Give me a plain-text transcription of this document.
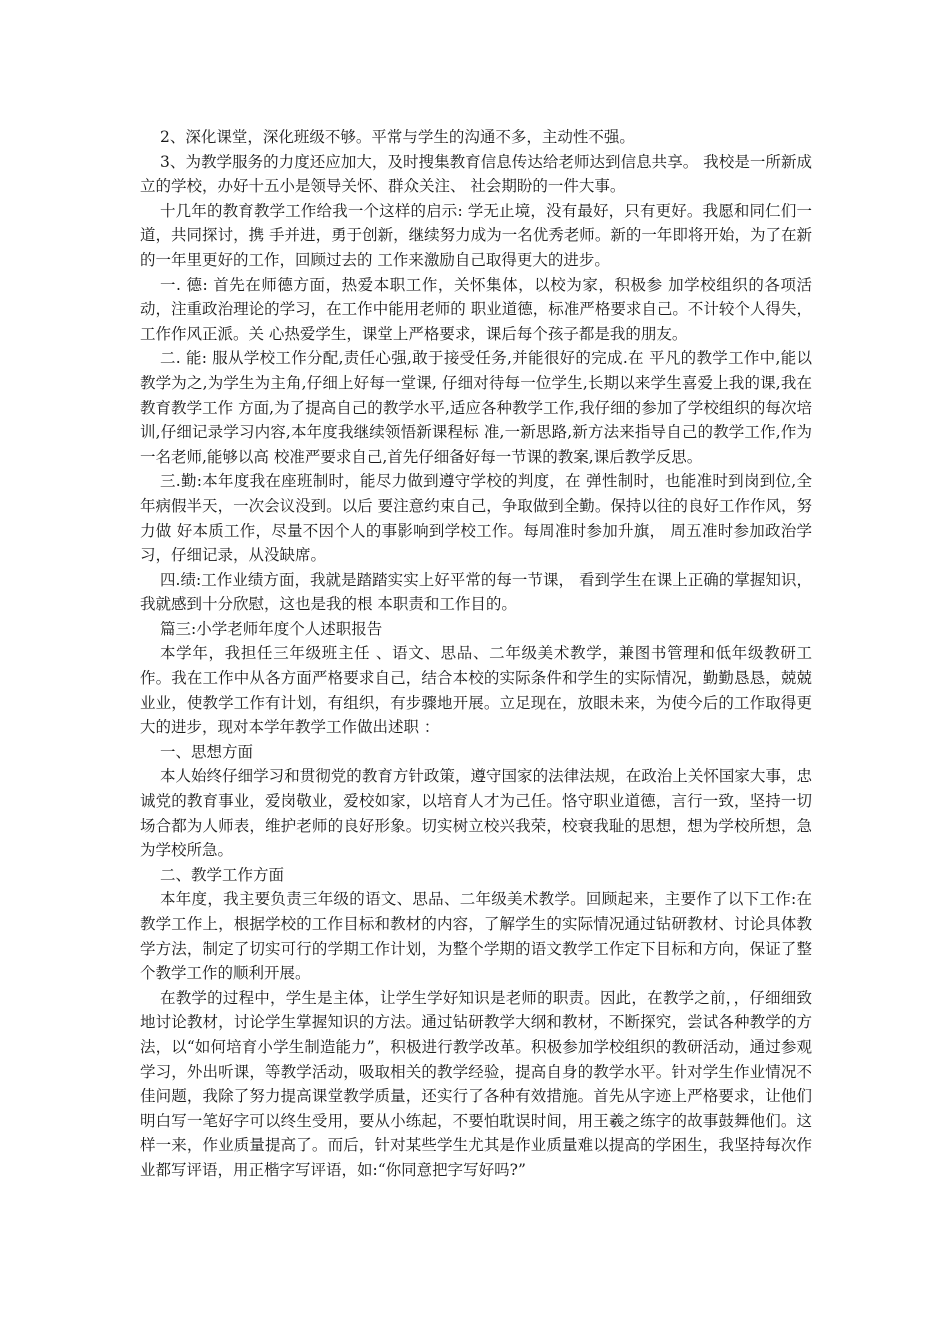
2、深化课堂，深化班级不够。平常与学生的沟通不多，主动性不强。

3、为教学服务的力度还应加大，及时搜集教育信息传达给老师达到信息共享。 我校是一所新成立的学校，办好十五小是领导关怀、群众关注、 社会期盼的一件大事。

十几年的教育教学工作给我一个这样的启示: 学无止境，没有最好，只有更好。我愿和同仁们一道，共同探讨，携 手并进，勇于创新，继续努力成为一名优秀老师。新的一年即将开始，为了在新的一年里更好的工作，回顾过去的 工作来激励自己取得更大的进步。

一. 德: 首先在师德方面，热爱本职工作，关怀集体，以校为家，积极参 加学校组织的各项活动，注重政治理论的学习，在工作中能用老师的 职业道德，标准严格要求自己。不计较个人得失，工作作风正派。关 心热爱学生，课堂上严格要求，课后每个孩子都是我的朋友。

二. 能: 服从学校工作分配,责任心强,敢于接受任务,并能很好的完成.在 平凡的教学工作中,能以教学为之,为学生为主角,仔细上好每一堂课, 仔细对待每一位学生,长期以来学生喜爱上我的课,我在教育教学工作 方面,为了提高自己的教学水平,适应各种教学工作,我仔细的参加了学校组织的每次培训,仔细记录学习内容,本年度我继续领悟新课程标 准,一新思路,新方法来指导自己的教学工作,作为一名老师,能够以高 校准严要求自己,首先仔细备好每一节课的教案,课后教学反思。

三.勤:本年度我在座班制时，能尽力做到遵守学校的判度，在 弹性制时，也能准时到岗到位,全年病假半天，一次会议没到。以后 要注意约束自己，争取做到全勤。保持以往的良好工作作风，努力做 好本质工作，尽量不因个人的事影响到学校工作。每周准时参加升旗， 周五准时参加政治学习，仔细记录，从没缺席。

四.绩:工作业绩方面，我就是踏踏实实上好平常的每一节课， 看到学生在课上正确的掌握知识，我就感到十分欣慰，这也是我的根 本职责和工作目的。

篇三:小学老师年度个人述职报告

本学年，我担任三年级班主任 、语文、思品、二年级美术教学，兼图书管理和低年级教研工作。我在工作中从各方面严格要求自己，结合本校的实际条件和学生的实际情况，勤勤恳恳，兢兢业业，使教学工作有计划，有组织，有步骤地开展。立足现在，放眼未来，为使今后的工作取得更大的进步，现对本学年教学工作做出述职 ：

一、思想方面

本人始终仔细学习和贯彻党的教育方针政策，遵守国家的法律法规，在政治上关怀国家大事，忠诚党的教育事业，爱岗敬业，爱校如家，以培育人才为己任。恪守职业道德，言行一致，坚持一切场合都为人师表，维护老师的良好形象。切实树立校兴我荣，校衰我耻的思想，想为学校所想，急为学校所急。

二、教学工作方面

本年度，我主要负责三年级的语文、思品、二年级美术教学。回顾起来，主要作了以下工作:在教学工作上，根据学校的工作目标和教材的内容，了解学生的实际情况通过钻研教材、讨论具体教学方法，制定了切实可行的学期工作计划，为整个学期的语文教学工作定下目标和方向，保证了整个教学工作的顺利开展。

在教学的过程中，学生是主体，让学生学好知识是老师的职责。因此，在教学之前，，仔细细致地讨论教材，讨论学生掌握知识的方法。通过钻研教学大纲和教材，不断探究，尝试各种教学的方法，以“如何培育小学生制造能力”，积极进行教学改革。积极参加学校组织的教研活动，通过参观学习，外出听课，等教学活动，吸取相关的教学经验，提高自身的教学水平。针对学生作业情况不佳问题，我除了努力提高课堂教学质量，还实行了各种有效措施。首先从字迹上严格要求，让他们明白写一笔好字可以终生受用，要从小练起，不要怕耽误时间，用王羲之练字的故事鼓舞他们。这样一来，作业质量提高了。而后，针对某些学生尤其是作业质量难以提高的学困生，我坚持每次作业都写评语，用正楷字写评语，如:“你同意把字写好吗?”
